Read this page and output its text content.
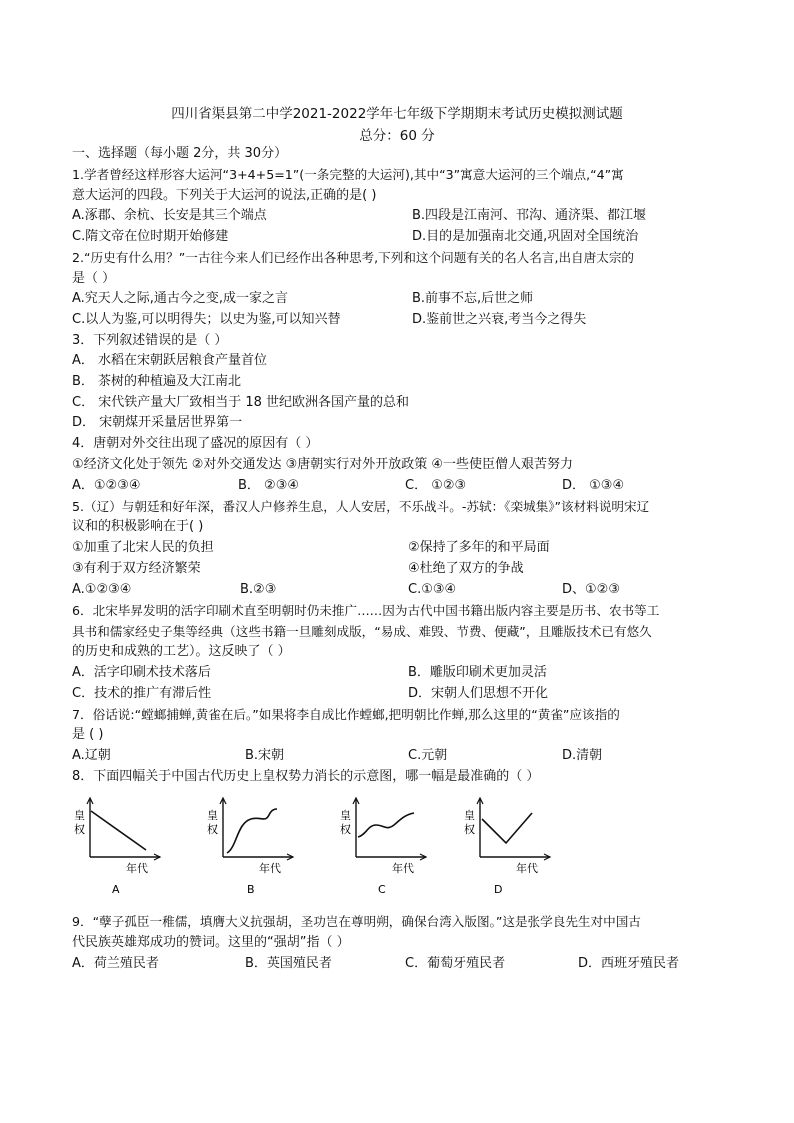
四川省渠县第二中学2021-2022学年七年级下学期期末考试历史模拟测试题
总分：60 分
一、选择题（每小题 2分，共 30分）
1.学者曾经这样形容大运河“3+4+5=1”(一条完整的大运河),其中“3”寓意大运河的三个端点,“4”寓
意大运河的四段。下列关于大运河的说法,正确的是( )
A.涿郡、余杭、长安是其三个端点	B.四段是江南河、邗沟、通济渠、都江堰
C.隋文帝在位时期开始修建	D.目的是加强南北交通,巩固对全国统治
2.“历史有什么用？”一古往今来人们已经作出各种思考,下列和这个问题有关的名人名言,出自唐太宗的
是（ ）
A.究天人之际,通古今之变,成一家之言	B.前事不忘,后世之师
C.以人为鉴,可以明得失；以史为鉴,可以知兴替	D.鉴前世之兴衰,考当今之得失
3．下列叙述错误的是（ ）
A． 水稻在宋朝跃居粮食产量首位
B． 茶树的种植遍及大江南北
C． 宋代铁产量大厂致相当于 18 世纪欧洲各国产量的总和
D． 宋朝煤开采量居世界第一
4．唐朝对外交往出现了盛况的原因有（ ）
①经济文化处于领先 ②对外交通发达 ③唐朝实行对外开放政策 ④一些使臣僧人艰苦努力
A．①②③④	B． ②③④	C． ①②③	D． ①③④
5.（辽）与朝廷和好年深，番汉人户修养生息，人人安居，不乐战斗。-苏轼：《栾城集》”该材料说明宋辽
议和的积极影响在于( )
①加重了北宋人民的负担	②保持了多年的和平局面
③有利于双方经济繁荣	④杜绝了双方的争战
A.①②③④	B.②③	C.①③④	D、①②③
6．北宋毕昇发明的活字印刷术直至明朝时仍未推广……因为古代中国书籍出版内容主要是历书、农书等工
具书和儒家经史子集等经典（这些书籍一旦雕刻成版，“易成、难毁、节费、便藏”，且雕版技术已有悠久
的历史和成熟的工艺）。这反映了（ ）
A．活字印刷术技术落后	B．雕版印刷术更加灵活
C．技术的推广有滞后性	D．宋朝人们思想不开化
7．俗话说:“螳螂捕蝉,黄雀在后。”如果将李自成比作螳螂,把明朝比作蝉,那么这里的“黄雀”应该指的
是 ( )
A.辽朝	B.宋朝	C.元朝	D.清朝
8．下面四幅关于中国古代历史上皇权势力消长的示意图，哪一幅是最准确的（ ）
皇
权
年代
A
皇
权
年代
B
皇
权
年代
C
皇
权
年代
D
9．“孽子孤臣一稚儒，填膺大义抗强胡，圣功岂在尊明朔，确保台湾入版图。”这是张学良先生对中国古
代民族英雄郑成功的赞词。这里的“强胡”指（ ）
A．荷兰殖民者	B．英国殖民者	C．葡萄牙殖民者	D．西班牙殖民者
